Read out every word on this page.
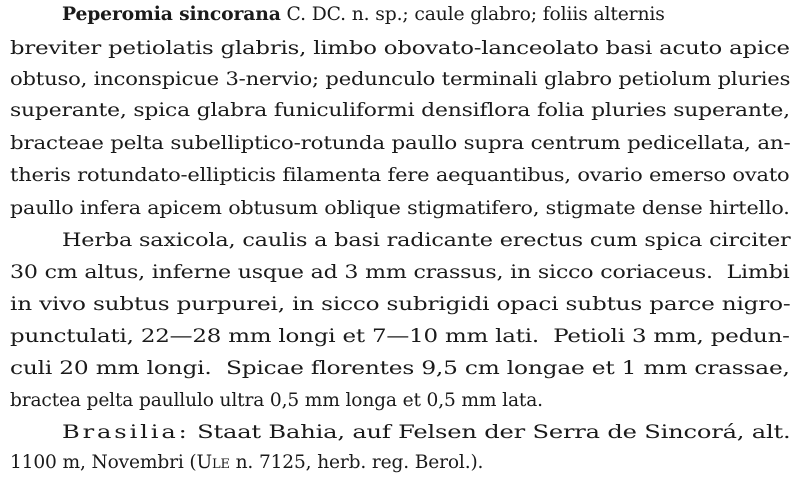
Peperomia sincorana C. DC. n. sp.; caule glabro; foliis alternis
breviter petiolatis glabris, limbo obovato-lanceolato basi acuto apice
obtuso, inconspicue 3-nervio; pedunculo terminali glabro petiolum pluries
superante, spica glabra funiculiformi densiflora folia pluries superante,
bracteae pelta subelliptico-rotunda paullo supra centrum pedicellata, an-
theris rotundato-ellipticis filamenta fere aequantibus, ovario emerso ovato
paullo infera apicem obtusum oblique stigmatifero, stigmate dense hirtello.
Herba saxicola, caulis a basi radicante erectus cum spica circiter
30 cm altus, inferne usque ad 3 mm crassus, in sicco coriaceus.  Limbi
in vivo subtus purpurei, in sicco subrigidi opaci subtus parce nigro-
punctulati, 22—28 mm longi et 7—10 mm lati.  Petioli 3 mm, pedun-
culi 20 mm longi.  Spicae florentes 9,5 cm longae et 1 mm crassae,
bractea pelta paullulo ultra 0,5 mm longa et 0,5 mm lata.
Brasilia: Staat Bahia, auf Felsen der Serra de Sincorá, alt.
1100 m, Novembri (Ule n. 7125, herb. reg. Berol.).
